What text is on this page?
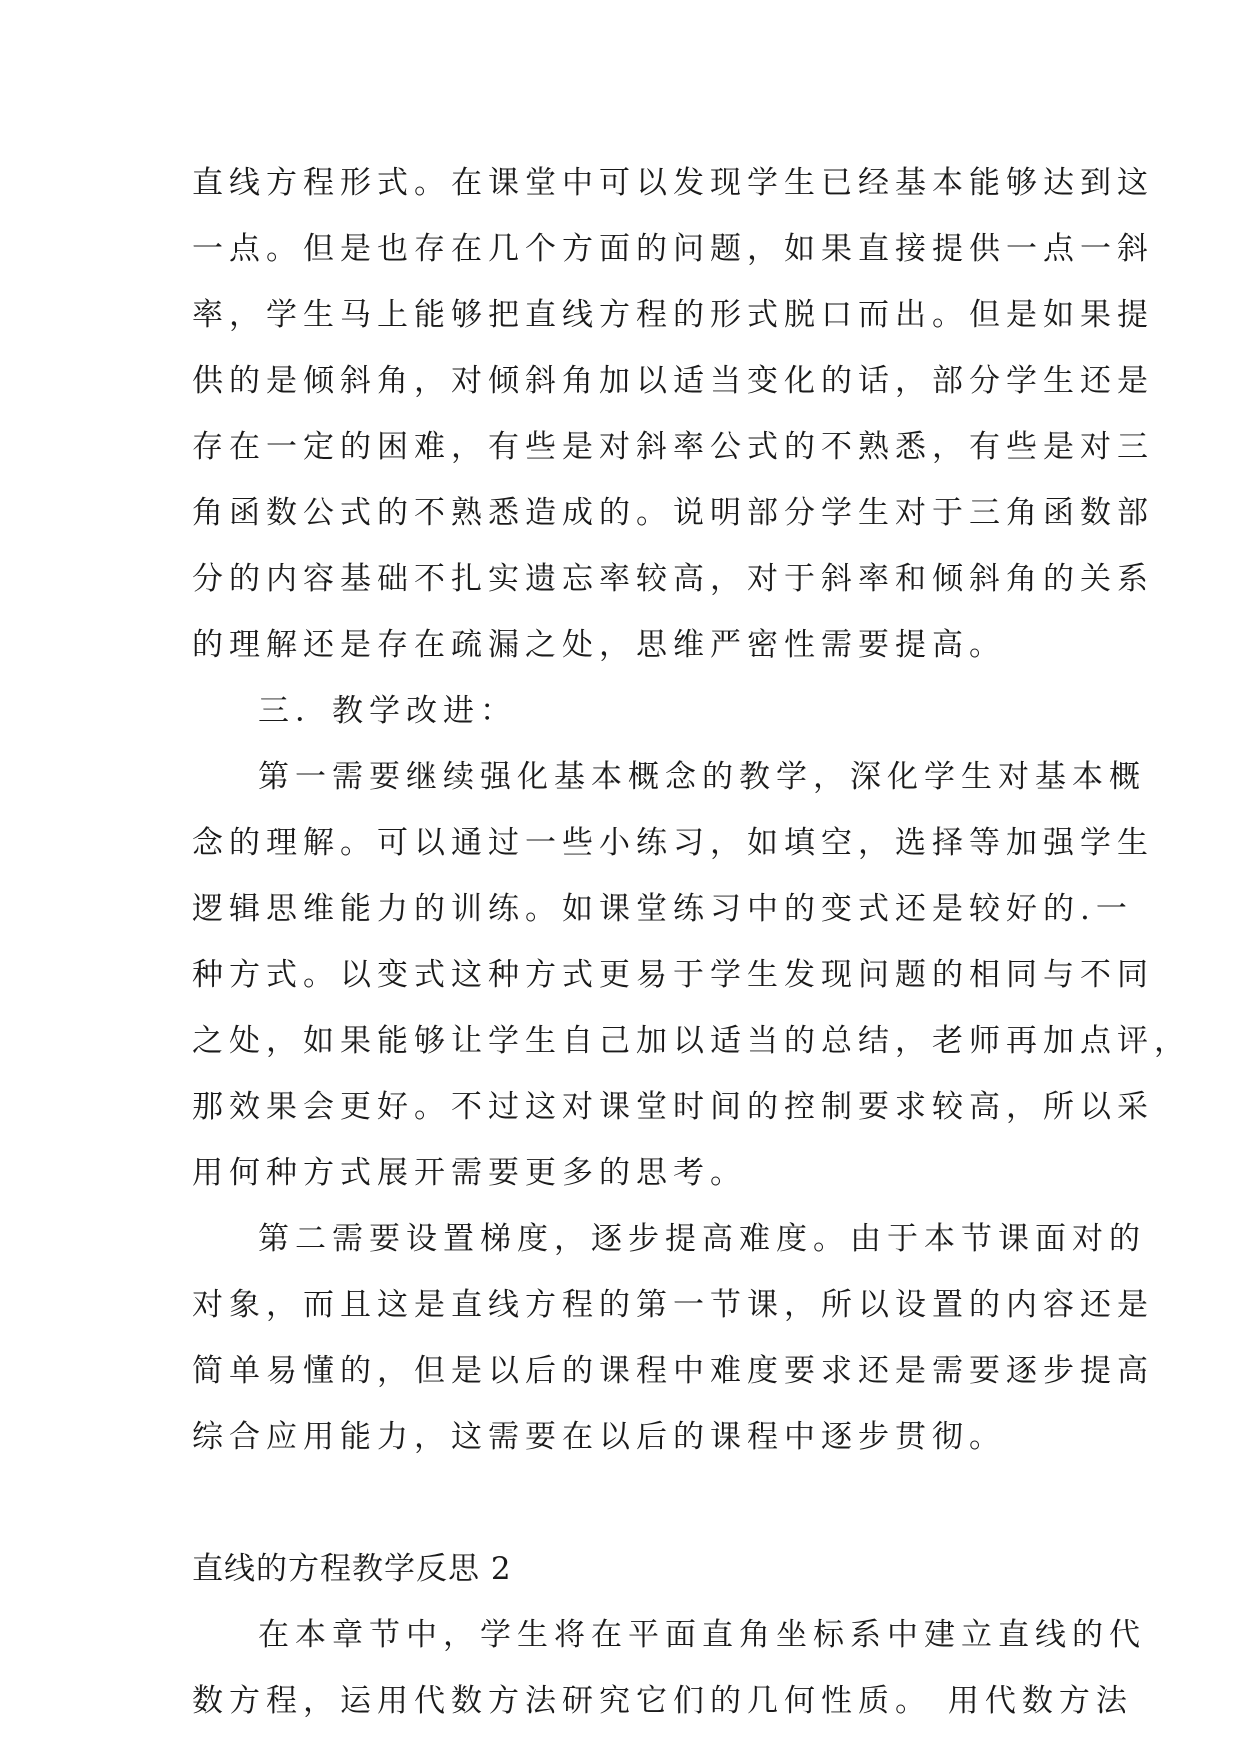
直线方程形式。在课堂中可以发现学生已经基本能够达到这
一点。但是也存在几个方面的问题，如果直接提供一点一斜
率，学生马上能够把直线方程的形式脱口而出。但是如果提
供的是倾斜角，对倾斜角加以适当变化的话，部分学生还是
存在一定的困难，有些是对斜率公式的不熟悉，有些是对三
角函数公式的不熟悉造成的。说明部分学生对于三角函数部
分的内容基础不扎实遗忘率较高，对于斜率和倾斜角的关系
的理解还是存在疏漏之处，思维严密性需要提高。
三．教学改进：
第一需要继续强化基本概念的教学，深化学生对基本概
念的理解。可以通过一些小练习，如填空，选择等加强学生
逻辑思维能力的训练。如课堂练习中的变式还是较好的.一
种方式。以变式这种方式更易于学生发现问题的相同与不同
之处，如果能够让学生自己加以适当的总结，老师再加点评，
那效果会更好。不过这对课堂时间的控制要求较高，所以采
用何种方式展开需要更多的思考。
第二需要设置梯度，逐步提高难度。由于本节课面对的
对象，而且这是直线方程的第一节课，所以设置的内容还是
简单易懂的，但是以后的课程中难度要求还是需要逐步提高
综合应用能力，这需要在以后的课程中逐步贯彻。
直线的方程教学反思 2
在本章节中，学生将在平面直角坐标系中建立直线的代
数方程，运用代数方法研究它们的几何性质。 用代数方法
